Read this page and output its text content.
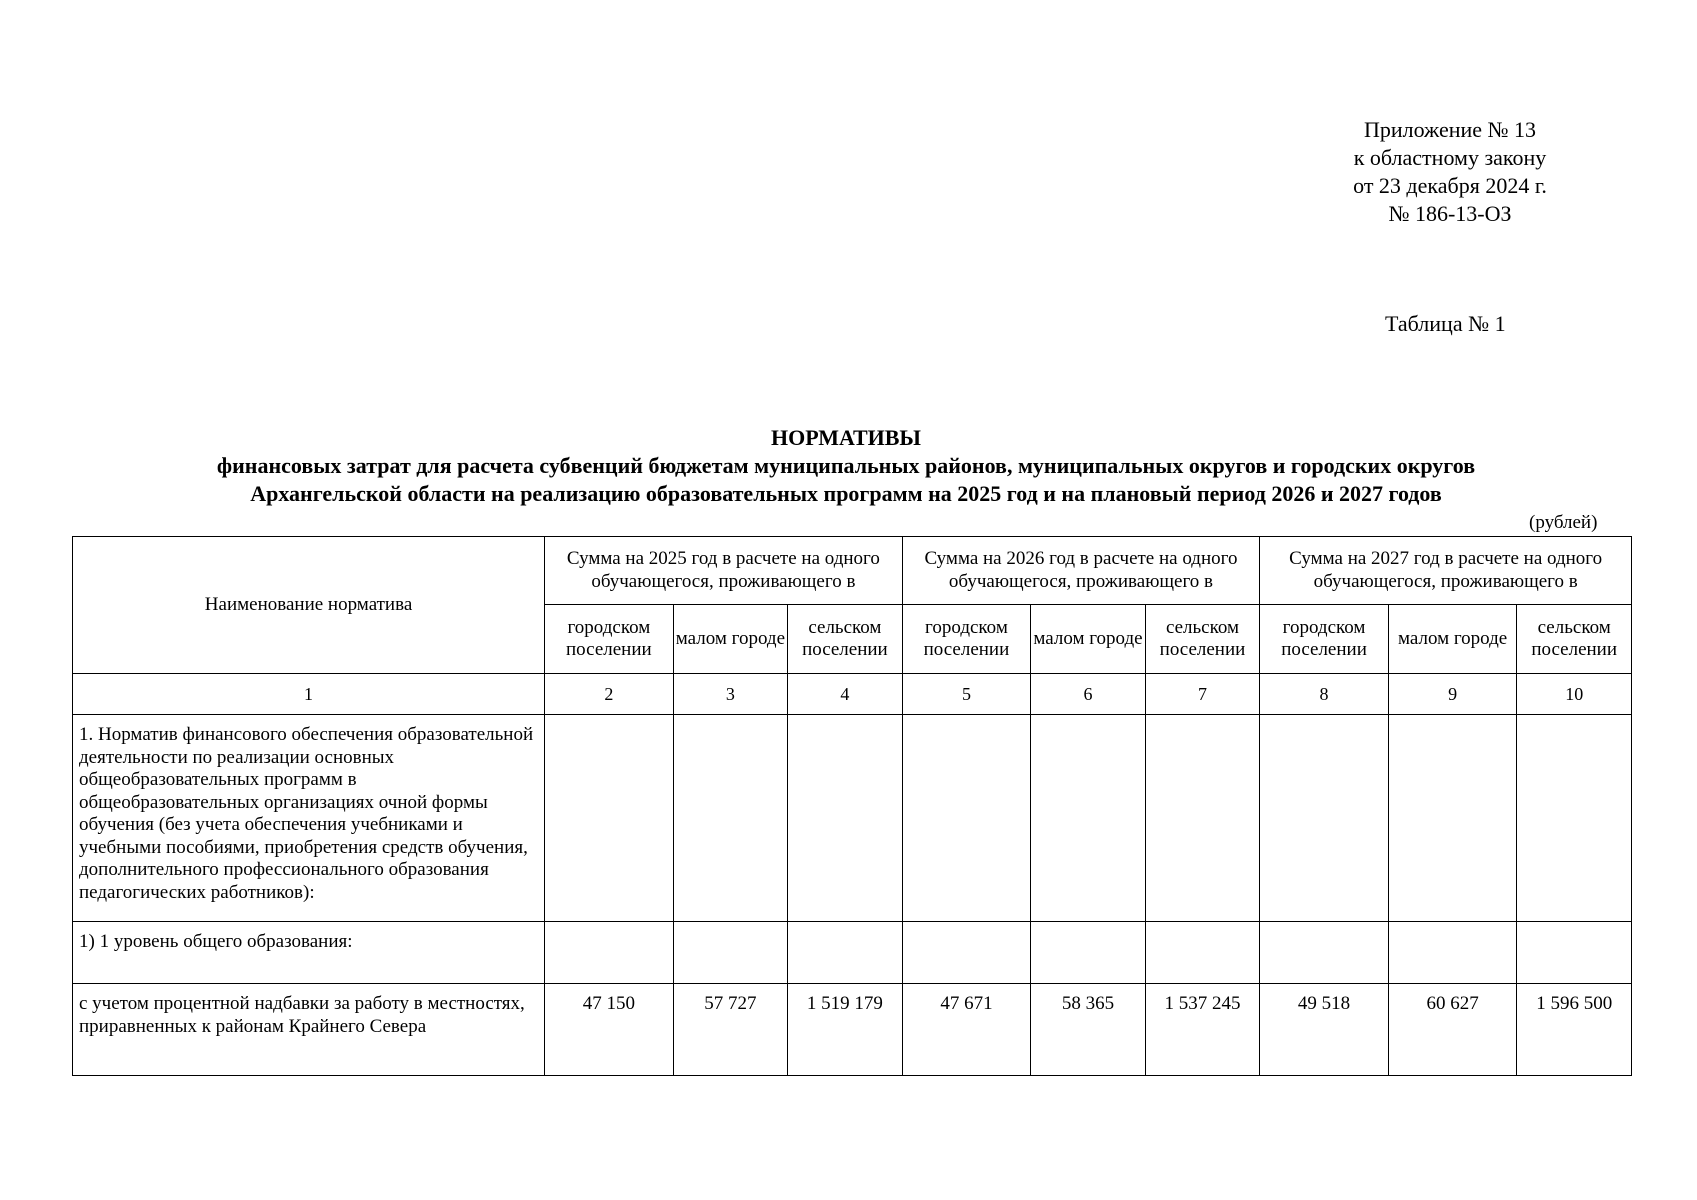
Приложение № 13
к областному закону
от 23 декабря 2024 г.
№ 186-13-ОЗ
Таблица № 1
НОРМАТИВЫ
финансовых затрат для расчета субвенций бюджетам муниципальных районов, муниципальных округов и городских округов
Архангельской области на реализацию образовательных программ на 2025 год и на плановый период 2026 и 2027 годов
(рублей)
Наименование норматива	Сумма на 2025 год в расчете на одного обучающегося, проживающего в			Сумма на 2026 год в расчете на одного обучающегося, проживающего в			Сумма на 2027 год в расчете на одного обучающегося, проживающего в		
	городском поселении	малом городе	сельском поселении	городском поселении	малом городе	сельском поселении	городском поселении	малом городе	сельском поселении
1	2	3	4	5	6	7	8	9	10
1. Норматив финансового обеспечения образовательной деятельности по реализации основных общеобразовательных программ в общеобразовательных организациях очной формы обучения (без учета обеспечения учебниками и учебными пособиями, приобретения средств обучения, дополнительного профессионального образования педагогических работников):									
1) 1 уровень общего образования:									
с учетом процентной надбавки за работу в местностях, приравненных к районам Крайнего Севера	47 150	57 727	1 519 179	47 671	58 365	1 537 245	49 518	60 627	1 596 500
